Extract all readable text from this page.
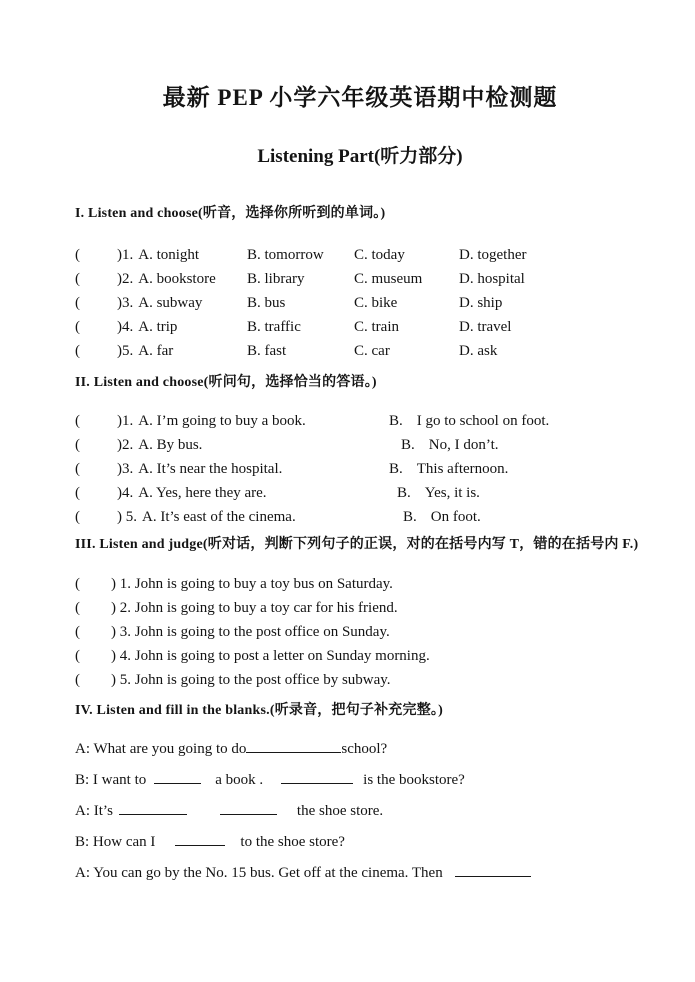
最新 PEP 小学六年级英语期中检测题
Listening Part(听力部分)
I. Listen and choose(听音，选择你所听到的单词。)
(	)1. A. tonight	B. tomorrow	C. today	D. together
(	)2. A. bookstore	B. library	C. museum	D. hospital
(	)3. A. subway	B. bus	C. bike	D. ship
(	)4. A. trip	B. traffic	C. train	D. travel
(	)5. A. far	B. fast	C. car	D. ask
II. Listen and choose(听问句，选择恰当的答语。)
(	)1. A. I’m going to buy a book.	B. I go to school on foot.
(	)2. A. By bus.	B. No, I don’t.
(	)3. A. It’s near the hospital.	B. This afternoon.
(	)4. A. Yes, here they are.	B. Yes, it is.
(	) 5. A. It’s east of the cinema.	B. On foot.
III. Listen and judge(听对话，判断下列句子的正误，对的在括号内写 T，错的在括号内 F.)
(	) 1. John is going to buy a toy bus on Saturday.
(	) 2. John is going to buy a toy car for his friend.
(	) 3. John is going to the post office on Sunday.
(	) 4. John is going to post a letter on Sunday morning.
(	) 5. John is going to the post office by subway.
IV. Listen and fill in the blanks.(听录音，把句子补充完整。)
A: What are you going to do	school?
B: I want to	a book .	is the bookstore?
A: It’s	the shoe store.
B: How can I	to the shoe store?
A: You can go by the No. 15 bus. Get off at the cinema. Then
